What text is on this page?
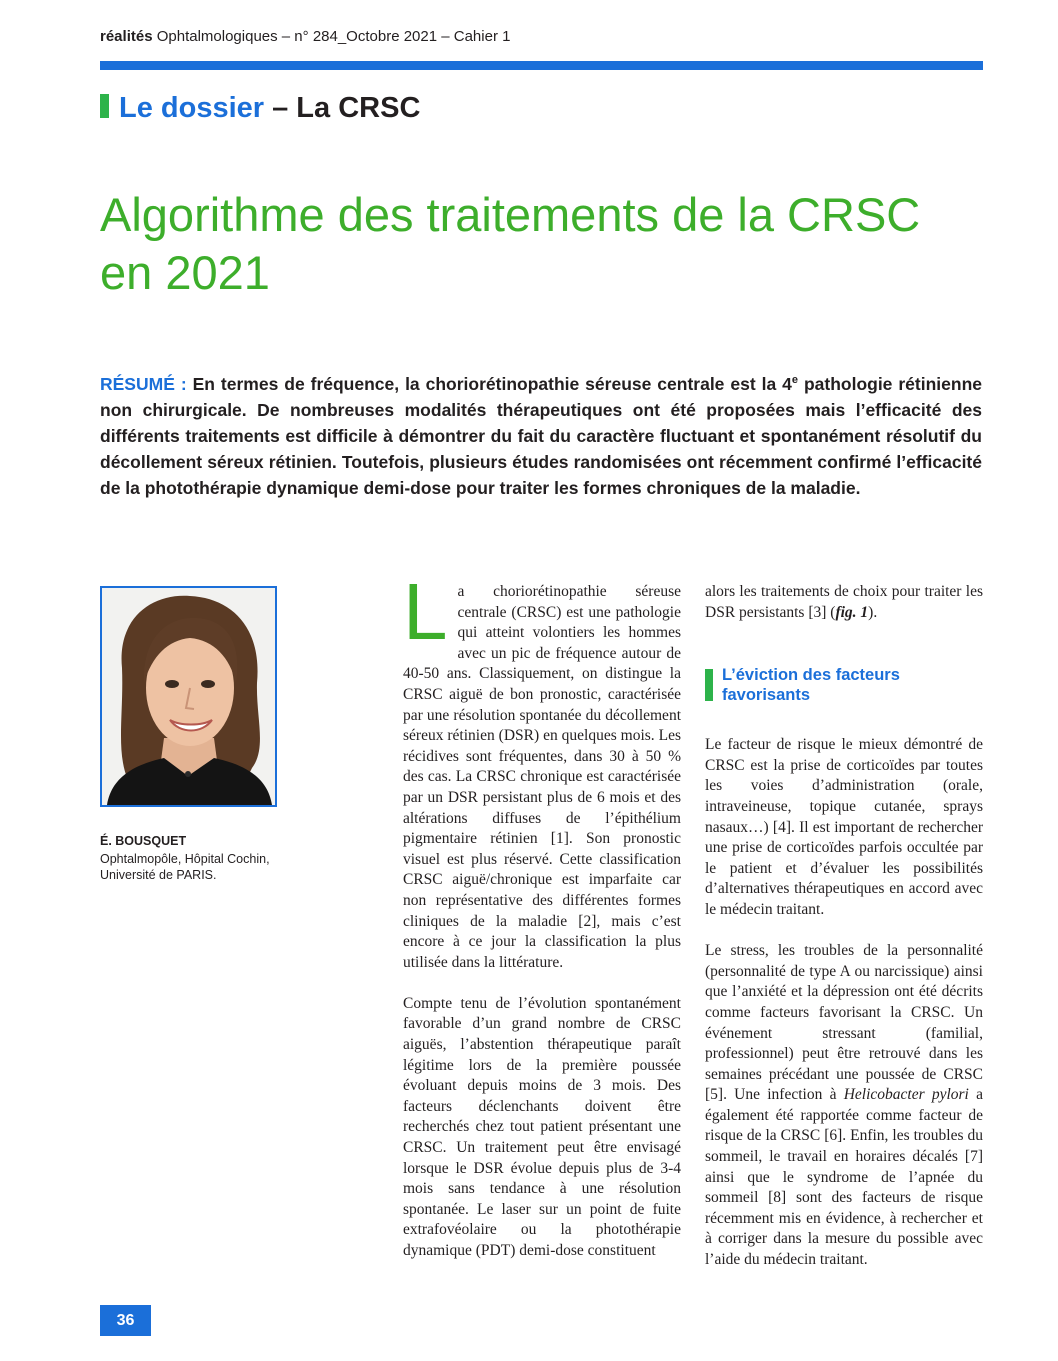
réalités Ophtalmologiques – n° 284_Octobre 2021 – Cahier 1
Le dossier – La CRSC
Algorithme des traitements de la CRSC en 2021
RÉSUMÉ : En termes de fréquence, la choriorétinopathie séreuse centrale est la 4e pathologie rétinienne non chirurgicale. De nombreuses modalités thérapeutiques ont été proposées mais l’efficacité des différents traitements est difficile à démontrer du fait du caractère fluctuant et spontanément résolutif du décollement séreux rétinien. Toutefois, plusieurs études randomisées ont récemment confirmé l’efficacité de la photothérapie dynamique demi-dose pour traiter les formes chroniques de la maladie.
É. BOUSQUET
Ophtalmopôle, Hôpital Cochin,
Université de PARIS.

La choriorétinopathie séreuse centrale (CRSC) est une pathologie qui atteint volontiers les hommes avec un pic de fréquence autour de 40-50 ans. Classiquement, on distingue la CRSC aiguë de bon pronostic, caractérisée par une résolution spontanée du décollement séreux rétinien (DSR) en quelques mois. Les récidives sont fréquentes, dans 30 à 50 % des cas. La CRSC chronique est caractérisée par un DSR persistant plus de 6 mois et des altérations diffuses de l’épithélium pigmentaire rétinien [1]. Son pronostic visuel est plus réservé. Cette classification CRSC aiguë/chronique est imparfaite car non représentative des différentes formes cliniques de la maladie [2], mais c’est encore à ce jour la classification la plus utilisée dans la littérature.

Compte tenu de l’évolution spontanément favorable d’un grand nombre de CRSC aiguës, l’abstention thérapeutique paraît légitime lors de la première poussée évoluant depuis moins de 3 mois. Des facteurs déclenchants doivent être recherchés chez tout patient présentant une CRSC. Un traitement peut être envisagé lorsque le DSR évolue depuis plus de 3-4 mois sans tendance à une résolution spontanée. Le laser sur un point de fuite extrafovéolaire ou la photothérapie dynamique (PDT) demi-dose constituent

alors les traitements de choix pour traiter les DSR persistants [3] (fig. 1).

L’éviction des facteurs favorisants

Le facteur de risque le mieux démontré de CRSC est la prise de corticoïdes par toutes les voies d’administration (orale, intraveineuse, topique cutanée, sprays nasaux…) [4]. Il est important de rechercher une prise de corticoïdes parfois occultée par le patient et d’évaluer les possibilités d’alternatives thérapeutiques en accord avec le médecin traitant.

Le stress, les troubles de la personnalité (personnalité de type A ou narcissique) ainsi que l’anxiété et la dépression ont été décrits comme facteurs favorisant la CRSC. Un événement stressant (familial, professionnel) peut être retrouvé dans les semaines précédant une poussée de CRSC [5]. Une infection à Helicobacter pylori a également été rapportée comme facteur de risque de la CRSC [6]. Enfin, les troubles du sommeil, le travail en horaires décalés [7] ainsi que le syndrome de l’apnée du sommeil [8] sont des facteurs de risque récemment mis en évidence, à rechercher et à corriger dans la mesure du possible avec l’aide du médecin traitant.

36
